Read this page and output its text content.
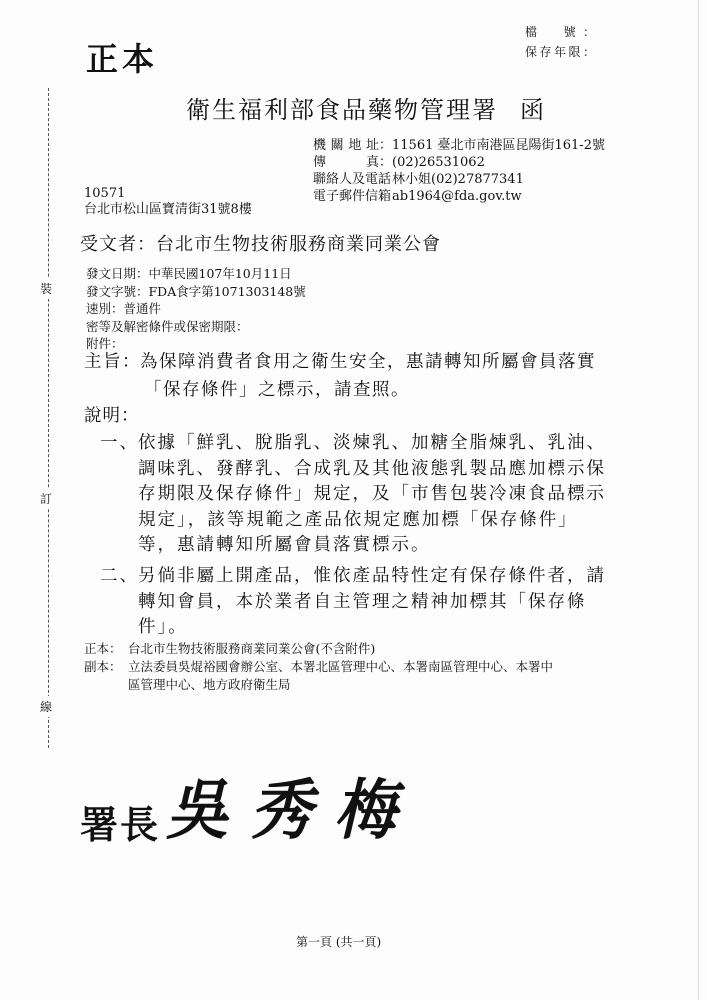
裝
訂
線
正本
檔　號：
保存年限：
衛生福利部食品藥物管理署 函
機關地址 ：11561 臺北市南港區昆陽街161-2號
傳　　真 ：(02)26531062
聯絡人及電話
：林小姐(02)27877341
電子郵件信箱
：ab1964@fda.gov.tw
10571
台北市松山區寶清街31號8樓
受文者：台北市生物技術服務商業同業公會
發文日期：中華民國107年10月11日
發文字號：FDA食字第1071303148號
速別：普通件
密等及解密條件或保密期限：
附件：
主旨：為保障消費者食用之衛生安全，惠請轉知所屬會員落實
「保存條件」之標示，請查照。
說明：
一、依據「鮮乳、脫脂乳、淡煉乳、加糖全脂煉乳、乳油、
調味乳、發酵乳、合成乳及其他液態乳製品應加標示保
存期限及保存條件」規定，及「市售包裝冷凍食品標示
規定」，該等規範之產品依規定應加標「保存條件」
等，惠請轉知所屬會員落實標示。
二、另倘非屬上開產品，惟依產品特性定有保存條件者，請
轉知會員，本於業者自主管理之精神加標其「保存條
件」。
正本： 台北市生物技術服務商業同業公會(不含附件)
副本： 立法委員吳焜裕國會辦公室、本署北區管理中心、本署南區管理中心、本署中
區管理中心、地方政府衛生局
署長 吳秀梅
第一頁 (共一頁)
